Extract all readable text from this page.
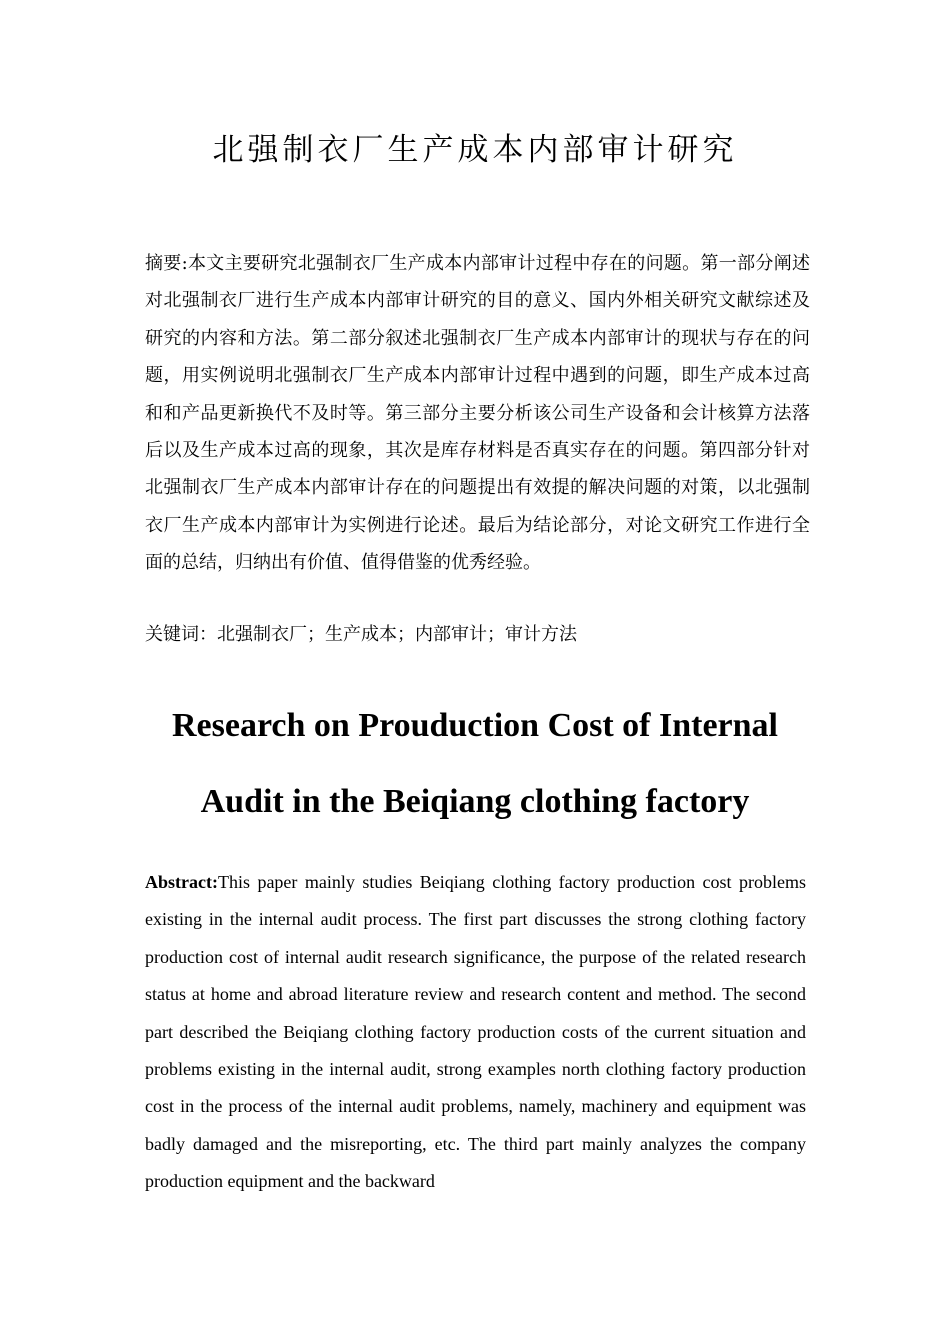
北强制衣厂生产成本内部审计研究

摘要:本文主要研究北强制衣厂生产成本内部审计过程中存在的问题。第一部分阐述对北强制衣厂进行生产成本内部审计研究的目的意义、国内外相关研究文献综述及研究的内容和方法。第二部分叙述北强制衣厂生产成本内部审计的现状与存在的问题，用实例说明北强制衣厂生产成本内部审计过程中遇到的问题，即生产成本过高和和产品更新换代不及时等。第三部分主要分析该公司生产设备和会计核算方法落后以及生产成本过高的现象，其次是库存材料是否真实存在的问题。第四部分针对北强制衣厂生产成本内部审计存在的问题提出有效提的解决问题的对策，以北强制衣厂生产成本内部审计为实例进行论述。最后为结论部分，对论文研究工作进行全面的总结，归纳出有价值、值得借鉴的优秀经验。

关键词：北强制衣厂；生产成本；内部审计；审计方法

Research on Prouduction Cost of Internal
Audit in the Beiqiang clothing factory

Abstract:This paper mainly studies Beiqiang clothing factory production cost problems existing in the internal audit process. The first part discusses the strong clothing factory production cost of internal audit research significance, the purpose of the related research status at home and abroad literature review and research content and method. The second part described the Beiqiang clothing factory production costs of the current situation and problems existing in the internal audit, strong examples north clothing factory production cost in the process of the internal audit problems, namely, machinery and equipment was badly damaged and the misreporting, etc. The third part mainly analyzes the company production equipment and the backward
